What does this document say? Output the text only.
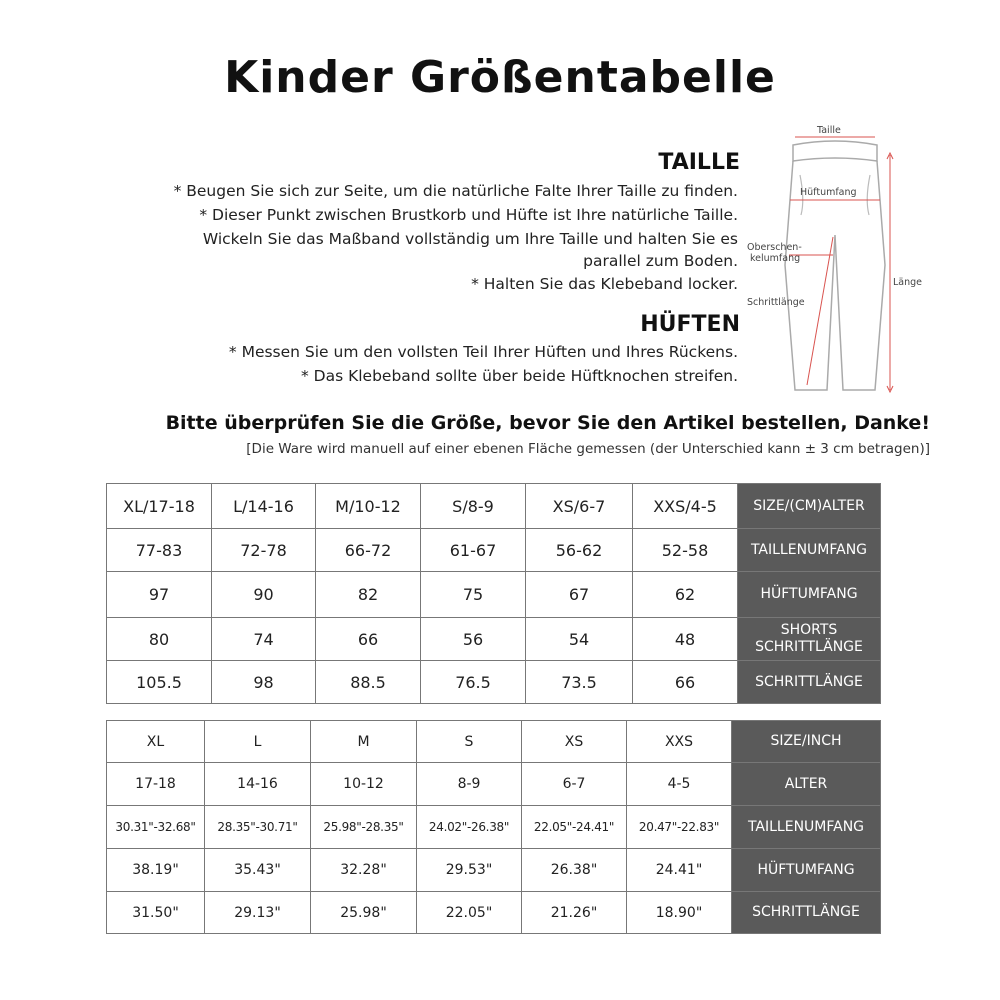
Kinder Größentabelle
TAILLE
* Beugen Sie sich zur Seite, um die natürliche Falte Ihrer Taille zu finden.
* Dieser Punkt zwischen Brustkorb und Hüfte ist Ihre natürliche Taille.
Wickeln Sie das Maßband vollständig um Ihre Taille und halten Sie es
parallel zum Boden.
* Halten Sie das Klebeband locker.
HÜFTEN
* Messen Sie um den vollsten Teil Ihrer Hüften und Ihres Rückens.
* Das Klebeband sollte über beide Hüftknochen streifen.
Taille
Hüftumfang
Oberschen-
kelumfang
Länge
Schrittlänge
Bitte überprüfen Sie die Größe, bevor Sie den Artikel bestellen, Danke!
[Die Ware wird manuell auf einer ebenen Fläche gemessen (der Unterschied kann ± 3 cm betragen)]
XL/17-18	L/14-16	M/10-12	S/8-9	XS/6-7	XXS/4-5	SIZE/(CM)ALTER
77-83	72-78	66-72	61-67	56-62	52-58	TAILLENUMFANG
97	90	82	75	67	62	HÜFTUMFANG
80	74	66	56	54	48	SHORTS SCHRITTLÄNGE
105.5	98	88.5	76.5	73.5	66	SCHRITTLÄNGE
XL	L	M	S	XS	XXS	SIZE/INCH
17-18	14-16	10-12	8-9	6-7	4-5	ALTER
30.31"-32.68"	28.35"-30.71"	25.98"-28.35"	24.02"-26.38"	22.05"-24.41"	20.47"-22.83"	TAILLENUMFANG
38.19"	35.43"	32.28"	29.53"	26.38"	24.41"	HÜFTUMFANG
31.50"	29.13"	25.98"	22.05"	21.26"	18.90"	SCHRITTLÄNGE
